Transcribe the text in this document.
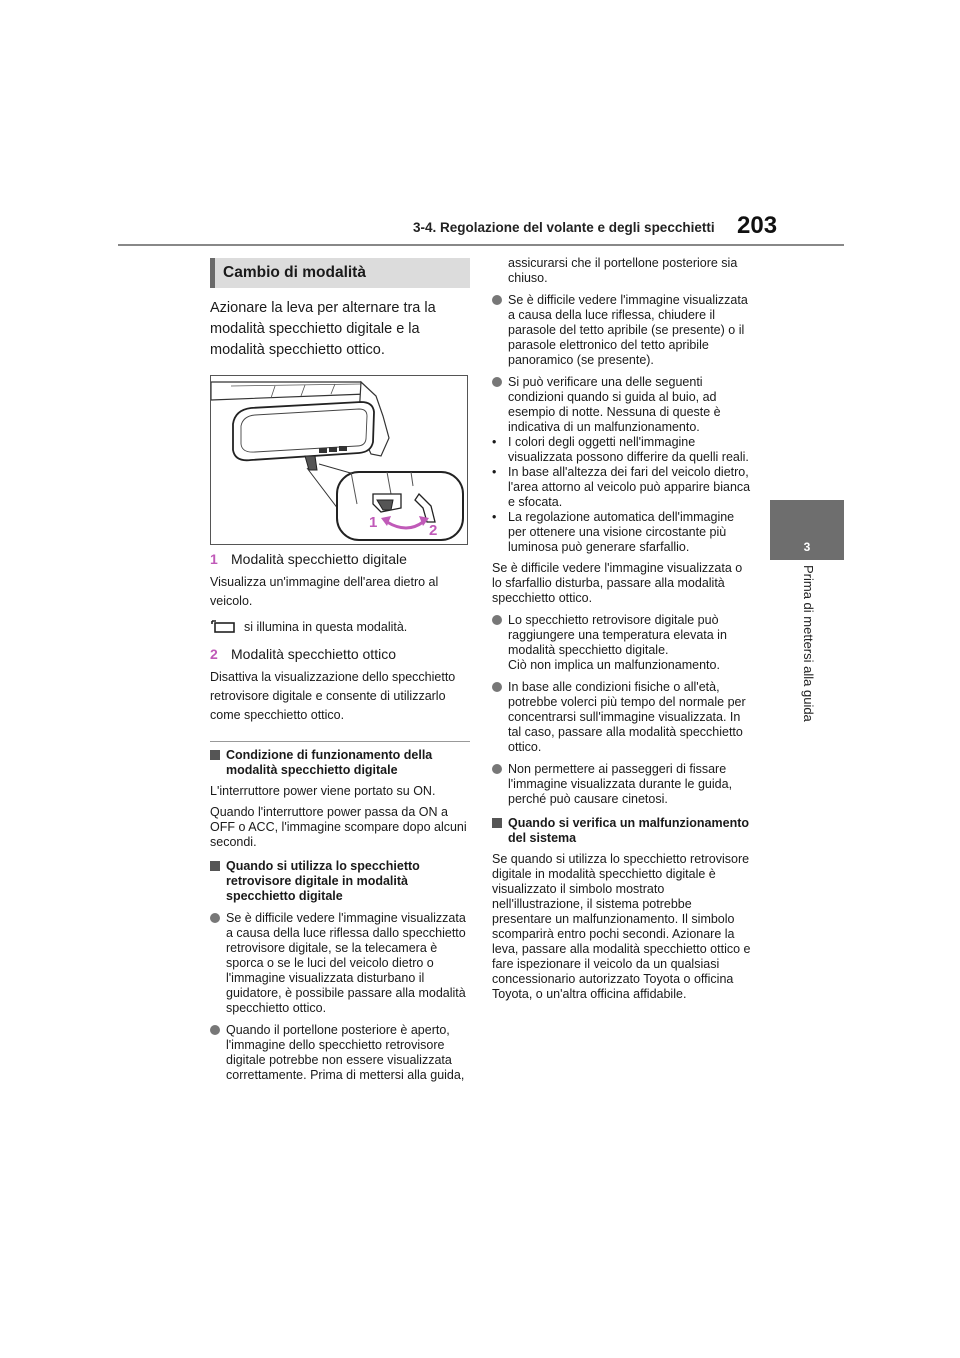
3-4. Regolazione del volante e degli specchietti 203
3
Prima di mettersi alla guida
Cambio di modalità
Azionare la leva per alternare tra la modalità specchietto digitale e la modalità specchietto ottico.
1	2
1 Modalità specchietto digitale
Visualizza un'immagine dell'area dietro al veicolo.
si illumina in questa modalità.
2 Modalità specchietto ottico
Disattiva la visualizzazione dello specchietto retrovisore digitale e consente di utilizzarlo come specchietto ottico.
Condizione di funzionamento della modalità specchietto digitale
L'interruttore power viene portato su ON.
Quando l'interruttore power passa da ON a OFF o ACC, l'immagine scompare dopo alcuni secondi.
Quando si utilizza lo specchietto retrovisore digitale in modalità specchietto digitale
Se è difficile vedere l'immagine visualizzata a causa della luce riflessa dallo specchietto retrovisore digitale, se la telecamera è sporca o se le luci del veicolo dietro o l'immagine visualizzata disturbano il guidatore, è possibile passare alla modalità specchietto ottico.
Quando il portellone posteriore è aperto, l'immagine dello specchietto retrovisore digitale potrebbe non essere visualizzata correttamente. Prima di mettersi alla guida,
assicurarsi che il portellone posteriore sia chiuso.
Se è difficile vedere l'immagine visualizzata a causa della luce riflessa, chiudere il parasole del tetto apribile (se presente) o il parasole elettronico del tetto apribile panoramico (se presente).
Si può verificare una delle seguenti condizioni quando si guida al buio, ad esempio di notte. Nessuna di queste è indicativa di un malfunzionamento.
• I colori degli oggetti nell'immagine visualizzata possono differire da quelli reali.
• In base all'altezza dei fari del veicolo dietro, l'area attorno al veicolo può apparire bianca e sfocata.
• La regolazione automatica dell'immagine per ottenere una visione circostante più luminosa può generare sfarfallio.
Se è difficile vedere l'immagine visualizzata o lo sfarfallio disturba, passare alla modalità specchietto ottico.
Lo specchietto retrovisore digitale può raggiungere una temperatura elevata in modalità specchietto digitale.
Ciò non implica un malfunzionamento.
In base alle condizioni fisiche o all'età, potrebbe volerci più tempo del normale per concentrarsi sull'immagine visualizzata. In tal caso, passare alla modalità specchietto ottico.
Non permettere ai passeggeri di fissare l'immagine visualizzata durante le guida, perché può causare cinetosi.
Quando si verifica un malfunzionamento del sistema
Se quando si utilizza lo specchietto retrovisore digitale in modalità specchietto digitale è visualizzato il simbolo mostrato nell'illustrazione, il sistema potrebbe presentare un malfunzionamento. Il simbolo scomparirà entro pochi secondi. Azionare la leva, passare alla modalità specchietto ottico e fare ispezionare il veicolo da un qualsiasi concessionario autorizzato Toyota o officina Toyota, o un'altra officina affidabile.
